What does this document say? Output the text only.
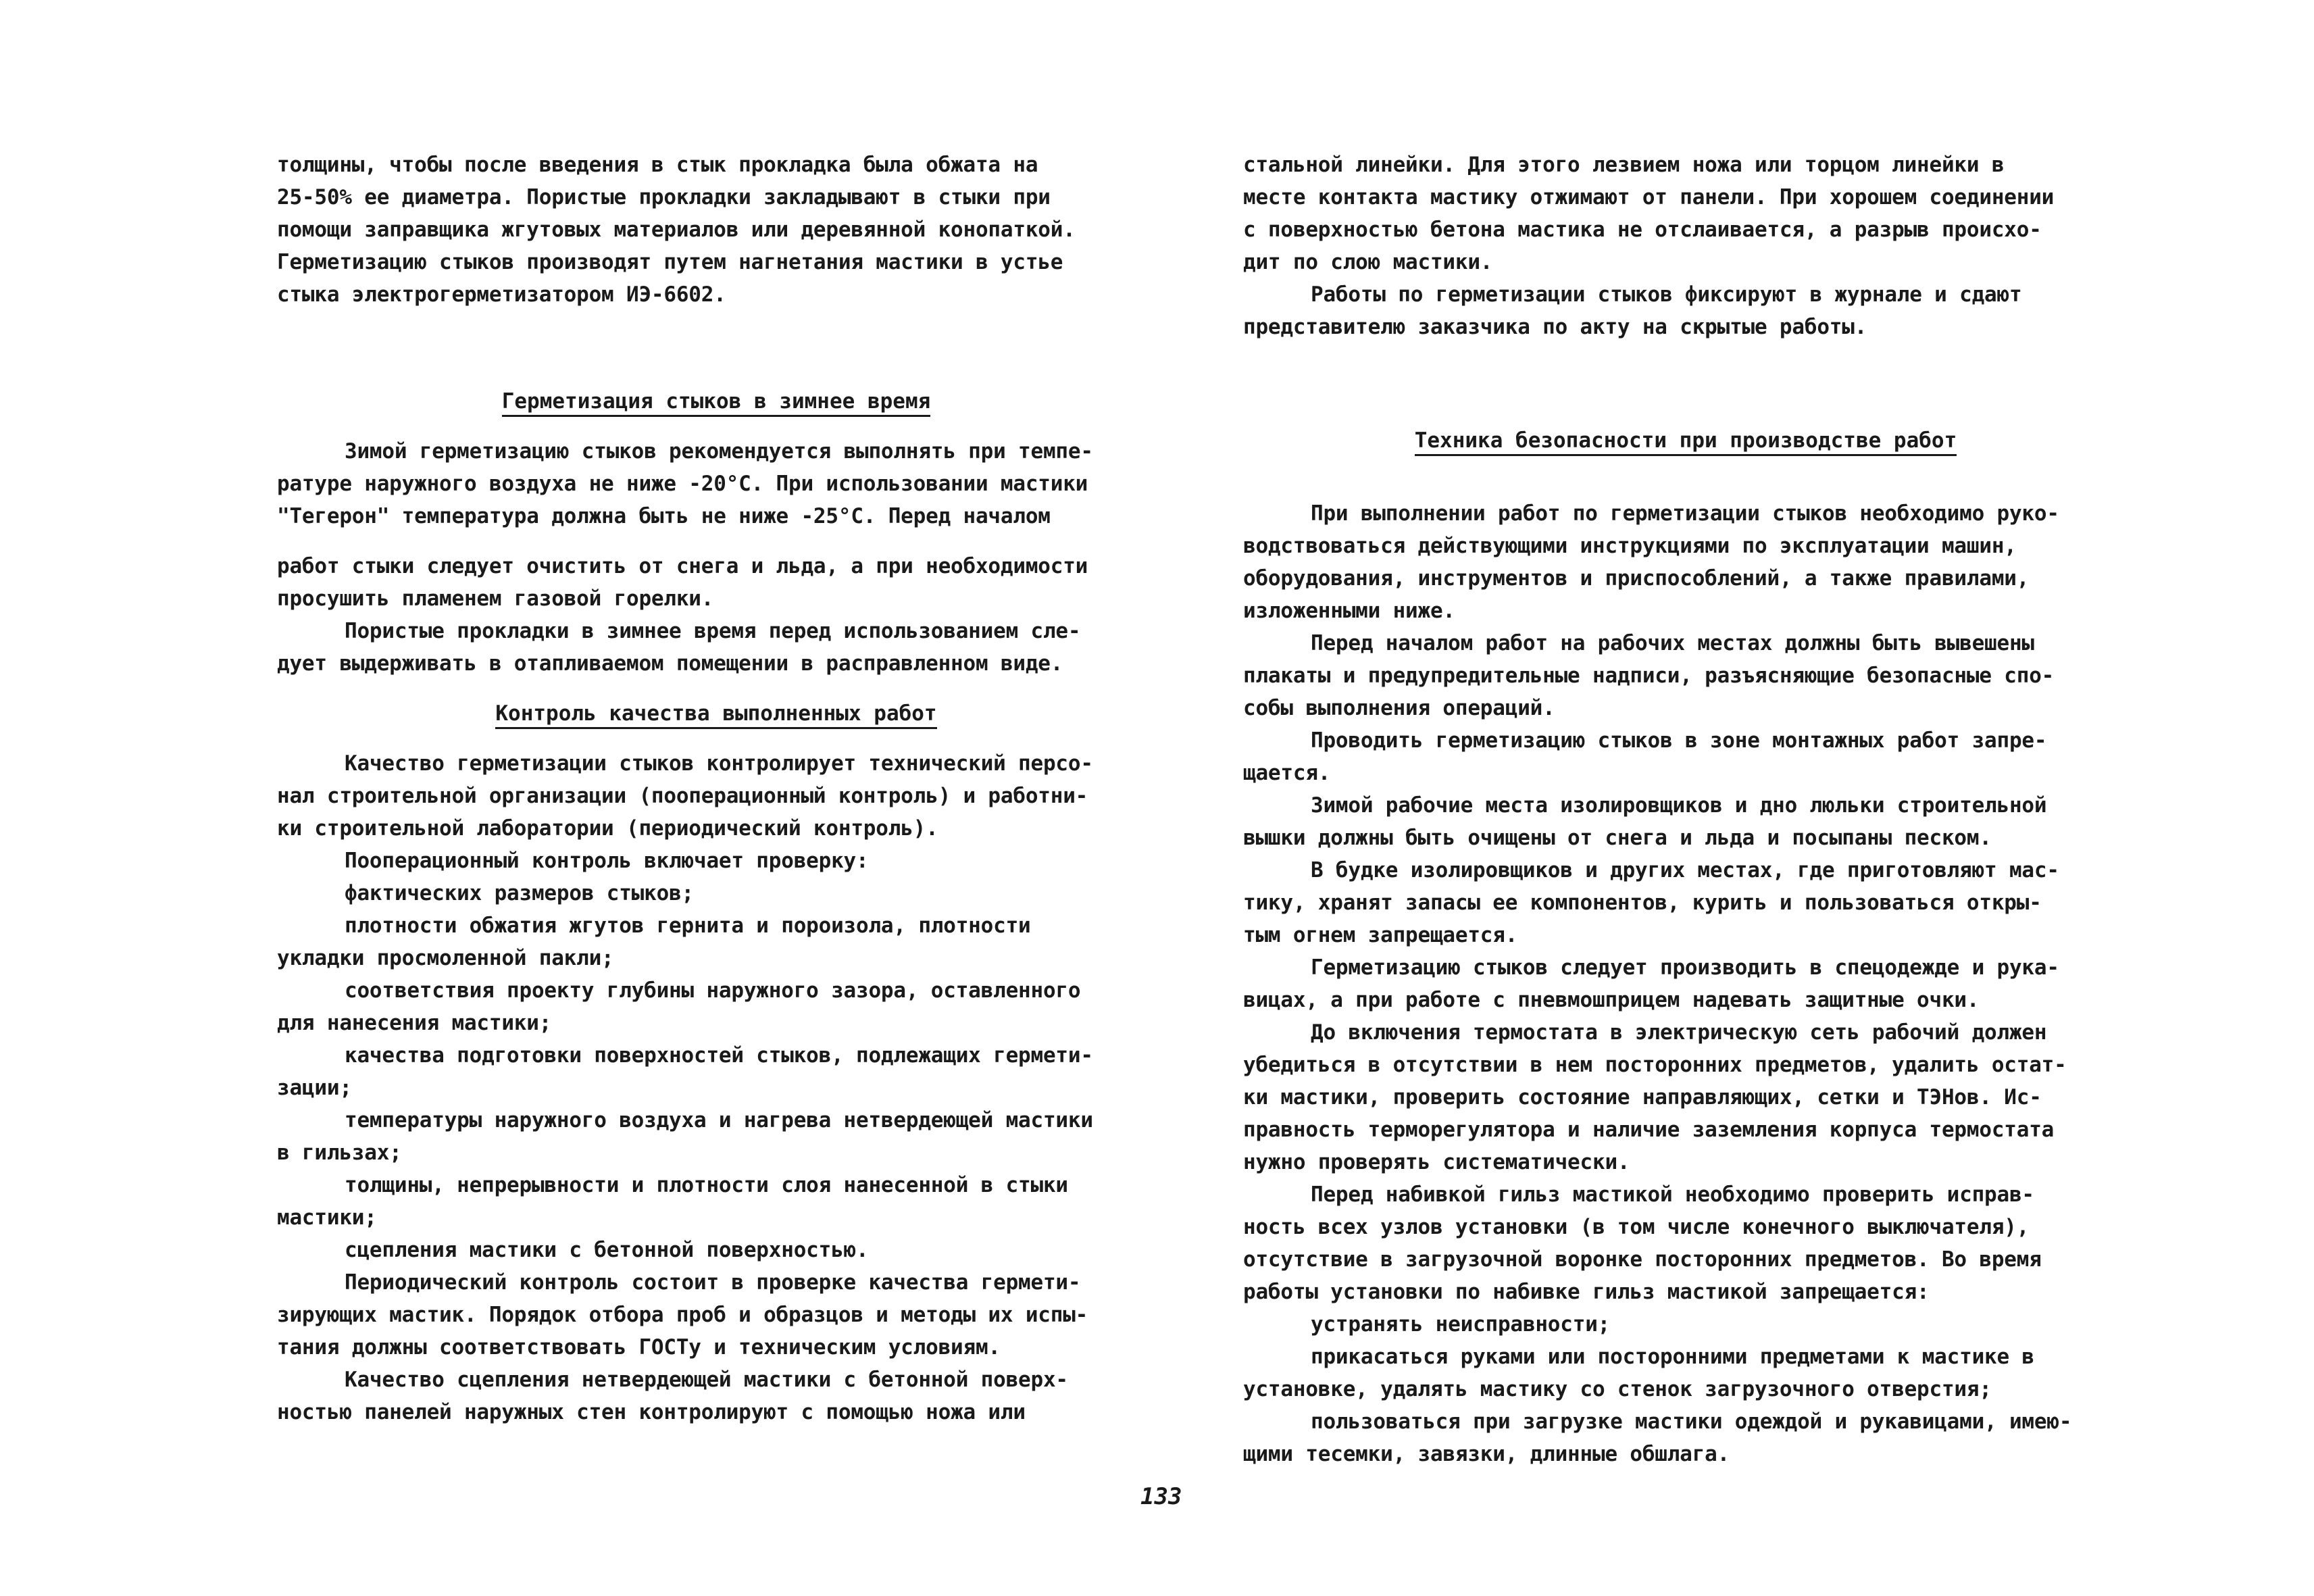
толщины, чтобы после введения в стык прокладка была обжата на
25-50% ее диаметра. Пористые прокладки закладывают в стыки при
помощи заправщика жгутовых материалов или деревянной конопаткой.
Герметизацию стыков производят путем нагнетания мастики в устье
стыка электрогерметизатором ИЭ-6602.
Герметизация стыков в зимнее время
Зимой герметизацию стыков рекомендуется выполнять при темпе-
ратуре наружного воздуха не ниже -20°С. При использовании мастики
"Тегерон" температура должна быть не ниже -25°С. Перед началом
работ стыки следует очистить от снега и льда, а при необходимости
просушить пламенем газовой горелки.
Пористые прокладки в зимнее время перед использованием сле-
дует выдерживать в отапливаемом помещении в расправленном виде.
Контроль качества выполненных работ
Качество герметизации стыков контролирует технический персо-
нал строительной организации (пооперационный контроль) и работни-
ки строительной лаборатории (периодический контроль).
Пооперационный контроль включает проверку:
фактических размеров стыков;
плотности обжатия жгутов гернита и пороизола, плотности
укладки просмоленной пакли;
соответствия проекту глубины наружного зазора, оставленного
для нанесения мастики;
качества подготовки поверхностей стыков, подлежащих гермети-
зации;
температуры наружного воздуха и нагрева нетвердеющей мастики
в гильзах;
толщины, непрерывности и плотности слоя нанесенной в стыки
мастики;
сцепления мастики с бетонной поверхностью.
Периодический контроль состоит в проверке качества гермети-
зирующих мастик. Порядок отбора проб и образцов и методы их испы-
тания должны соответствовать ГОСТу и техническим условиям.
Качество сцепления нетвердеющей мастики с бетонной поверх-
ностью панелей наружных стен контролируют с помощью ножа или
стальной линейки. Для этого лезвием ножа или торцом линейки в
месте контакта мастику отжимают от панели. При хорошем соединении
с поверхностью бетона мастика не отслаивается, а разрыв происхо-
дит по слою мастики.
Работы по герметизации стыков фиксируют в журнале и сдают
представителю заказчика по акту на скрытые работы.
Техника безопасности при производстве работ
При выполнении работ по герметизации стыков необходимо руко-
водствоваться действующими инструкциями по эксплуатации машин,
оборудования, инструментов и приспособлений, а также правилами,
изложенными ниже.
Перед началом работ на рабочих местах должны быть вывешены
плакаты и предупредительные надписи, разъясняющие безопасные спо-
собы выполнения операций.
Проводить герметизацию стыков в зоне монтажных работ запре-
щается.
Зимой рабочие места изолировщиков и дно люльки строительной
вышки должны быть очищены от снега и льда и посыпаны песком.
В будке изолировщиков и других местах, где приготовляют мас-
тику, хранят запасы ее компонентов, курить и пользоваться откры-
тым огнем запрещается.
Герметизацию стыков следует производить в спецодежде и рука-
вицах, а при работе с пневмошприцем надевать защитные очки.
До включения термостата в электрическую сеть рабочий должен
убедиться в отсутствии в нем посторонних предметов, удалить остат-
ки мастики, проверить состояние направляющих, сетки и ТЭНов. Ис-
правность терморегулятора и наличие заземления корпуса термостата
нужно проверять систематически.
Перед набивкой гильз мастикой необходимо проверить исправ-
ность всех узлов установки (в том числе конечного выключателя),
отсутствие в загрузочной воронке посторонних предметов. Во время
работы установки по набивке гильз мастикой запрещается:
устранять неисправности;
прикасаться руками или посторонними предметами к мастике в
установке, удалять мастику со стенок загрузочного отверстия;
пользоваться при загрузке мастики одеждой и рукавицами, имею-
щими тесемки, завязки, длинные обшлага.
133
